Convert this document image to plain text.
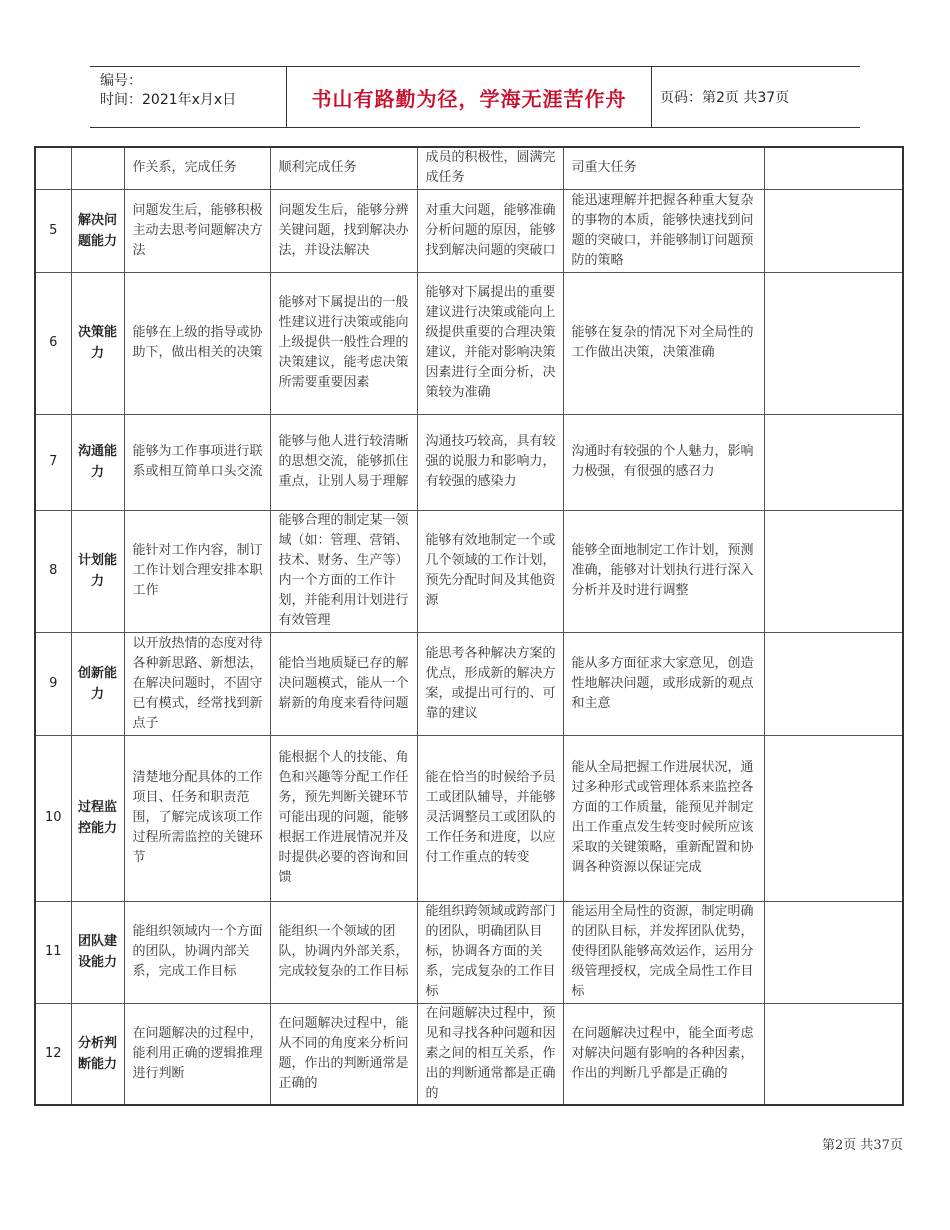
编号：
时间：2021年x月x日	书山有路勤为径，学海无涯苦作舟	页码：第2页 共37页
		作关系，完成任务	顺利完成任务	成员的积极性，圆满完成任务	司重大任务	
5	解决问题能力	问题发生后，能够积极主动去思考问题解决方法	问题发生后，能够分辨关键问题，找到解决办法，并设法解决	对重大问题，能够准确分析问题的原因，能够找到解决问题的突破口	能迅速理解并把握各种重大复杂的事物的本质，能够快速找到问题的突破口，并能够制订问题预防的策略	
6	决策能力	能够在上级的指导或协助下，做出相关的决策	能够对下属提出的一般性建议进行决策或能向上级提供一般性合理的决策建议，能考虑决策所需要重要因素	能够对下属提出的重要建议进行决策或能向上级提供重要的合理决策建议，并能对影响决策因素进行全面分析，决策较为准确	能够在复杂的情况下对全局性的工作做出决策，决策准确	
7	沟通能力	能够为工作事项进行联系或相互简单口头交流	能够与他人进行较清晰的思想交流，能够抓住重点，让别人易于理解	沟通技巧较高，具有较强的说服力和影响力，有较强的感染力	沟通时有较强的个人魅力，影响力极强，有很强的感召力	
8	计划能力	能针对工作内容，制订工作计划合理安排本职工作	能够合理的制定某一领域（如：管理、营销、技术、财务、生产等）内一个方面的工作计划，并能利用计划进行有效管理	能够有效地制定一个或几个领域的工作计划，预先分配时间及其他资源	能够全面地制定工作计划，预测准确，能够对计划执行进行深入分析并及时进行调整	
9	创新能力	以开放热情的态度对待各种新思路、新想法，在解决问题时，不固守已有模式，经常找到新点子	能恰当地质疑已存的解决问题模式，能从一个崭新的角度来看待问题	能思考各种解决方案的优点，形成新的解决方案，或提出可行的、可靠的建议	能从多方面征求大家意见，创造性地解决问题，或形成新的观点和主意	
10	过程监控能力	清楚地分配具体的工作项目、任务和职责范围，了解完成该项工作过程所需监控的关键环节	能根据个人的技能、角色和兴趣等分配工作任务，预先判断关键环节可能出现的问题，能够根据工作进展情况并及时提供必要的咨询和回馈	能在恰当的时候给予员工或团队辅导，并能够灵活调整员工或团队的工作任务和进度，以应付工作重点的转变	能从全局把握工作进展状况，通过多种形式或管理体系来监控各方面的工作质量，能预见并制定出工作重点发生转变时候所应该采取的关键策略，重新配置和协调各种资源以保证完成	
11	团队建设能力	能组织领域内一个方面的团队，协调内部关系，完成工作目标	能组织一个领域的团队，协调内外部关系，完成较复杂的工作目标	能组织跨领域或跨部门的团队，明确团队目标，协调各方面的关系，完成复杂的工作目标	能运用全局性的资源，制定明确的团队目标，并发挥团队优势，使得团队能够高效运作，运用分级管理授权，完成全局性工作目标	
12	分析判断能力	在问题解决的过程中，能利用正确的逻辑推理进行判断	在问题解决过程中，能从不同的角度来分析问题，作出的判断通常是正确的	在问题解决过程中，预见和寻找各种问题和因素之间的相互关系，作出的判断通常都是正确的	在问题解决过程中，能全面考虑对解决问题有影响的各种因素，作出的判断几乎都是正确的	
第2页 共37页
